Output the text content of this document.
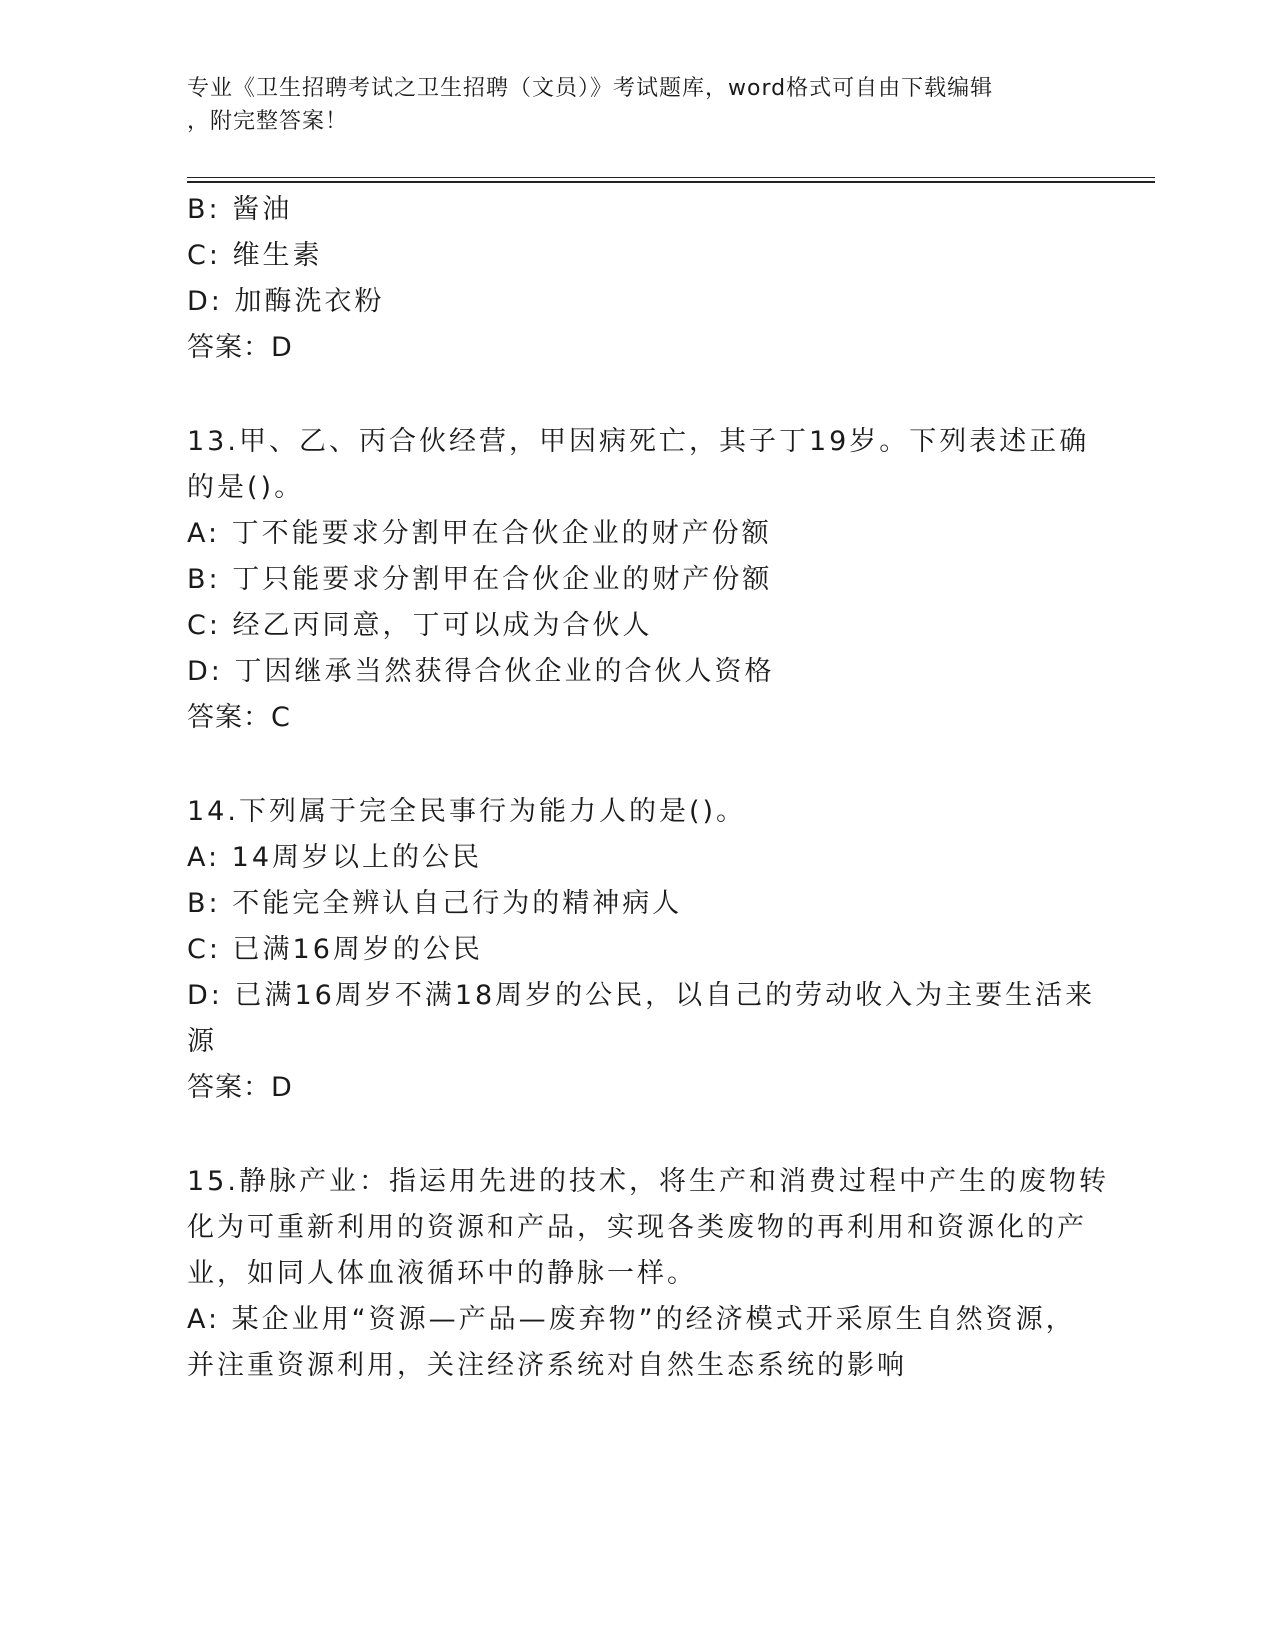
专业《卫生招聘考试之卫生招聘（文员）》考试题库，word格式可自由下载编辑
，附完整答案！
B: 酱油
C: 维生素
D: 加酶洗衣粉
答案：D
13.甲、乙、丙合伙经营，甲因病死亡，其子丁19岁。下列表述正确
的是()。
A: 丁不能要求分割甲在合伙企业的财产份额
B: 丁只能要求分割甲在合伙企业的财产份额
C: 经乙丙同意，丁可以成为合伙人
D: 丁因继承当然获得合伙企业的合伙人资格
答案：C
14.下列属于完全民事行为能力人的是()。
A: 14周岁以上的公民
B: 不能完全辨认自己行为的精神病人
C: 已满16周岁的公民
D: 已满16周岁不满18周岁的公民，以自己的劳动收入为主要生活来
源
答案：D
15.静脉产业：指运用先进的技术，将生产和消费过程中产生的废物转
化为可重新利用的资源和产品，实现各类废物的再利用和资源化的产
业，如同人体血液循环中的静脉一样。
A: 某企业用“资源—产品—废弃物”的经济模式开采原生自然资源，
并注重资源利用，关注经济系统对自然生态系统的影响
